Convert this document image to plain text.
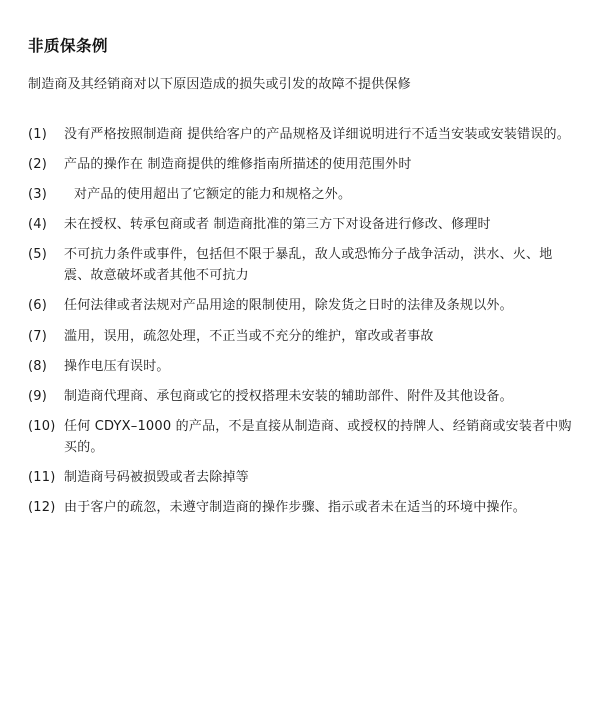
非质保条例

制造商及其经销商对以下原因造成的损失或引发的故障不提供保修

(1)	没有严格按照制造商 提供给客户的产品规格及详细说明进行不适当安装或安装错误的。
(2)	产品的操作在 制造商提供的维修指南所描述的使用范围外时
(3)	对产品的使用超出了它额定的能力和规格之外。
(4)	未在授权、转承包商或者 制造商批准的第三方下对设备进行修改、修理时
(5)	不可抗力条件或事件，包括但不限于暴乱，敌人或恐怖分子战争活动，洪水、火、地震、故意破坏或者其他不可抗力
(6)	任何法律或者法规对产品用途的限制使用，除发货之日时的法律及条规以外。
(7)	滥用，误用，疏忽处理，不正当或不充分的维护，窜改或者事故
(8)	操作电压有误时。
(9)	制造商代理商、承包商或它的授权搭理未安装的辅助部件、附件及其他设备。
(10) 任何 CDYX–1000 的产品，不是直接从制造商、或授权的持牌人、经销商或安装者中购买的。
(11) 制造商号码被损毁或者去除掉等
(12) 由于客户的疏忽，未遵守制造商的操作步骤、指示或者未在适当的环境中操作。
